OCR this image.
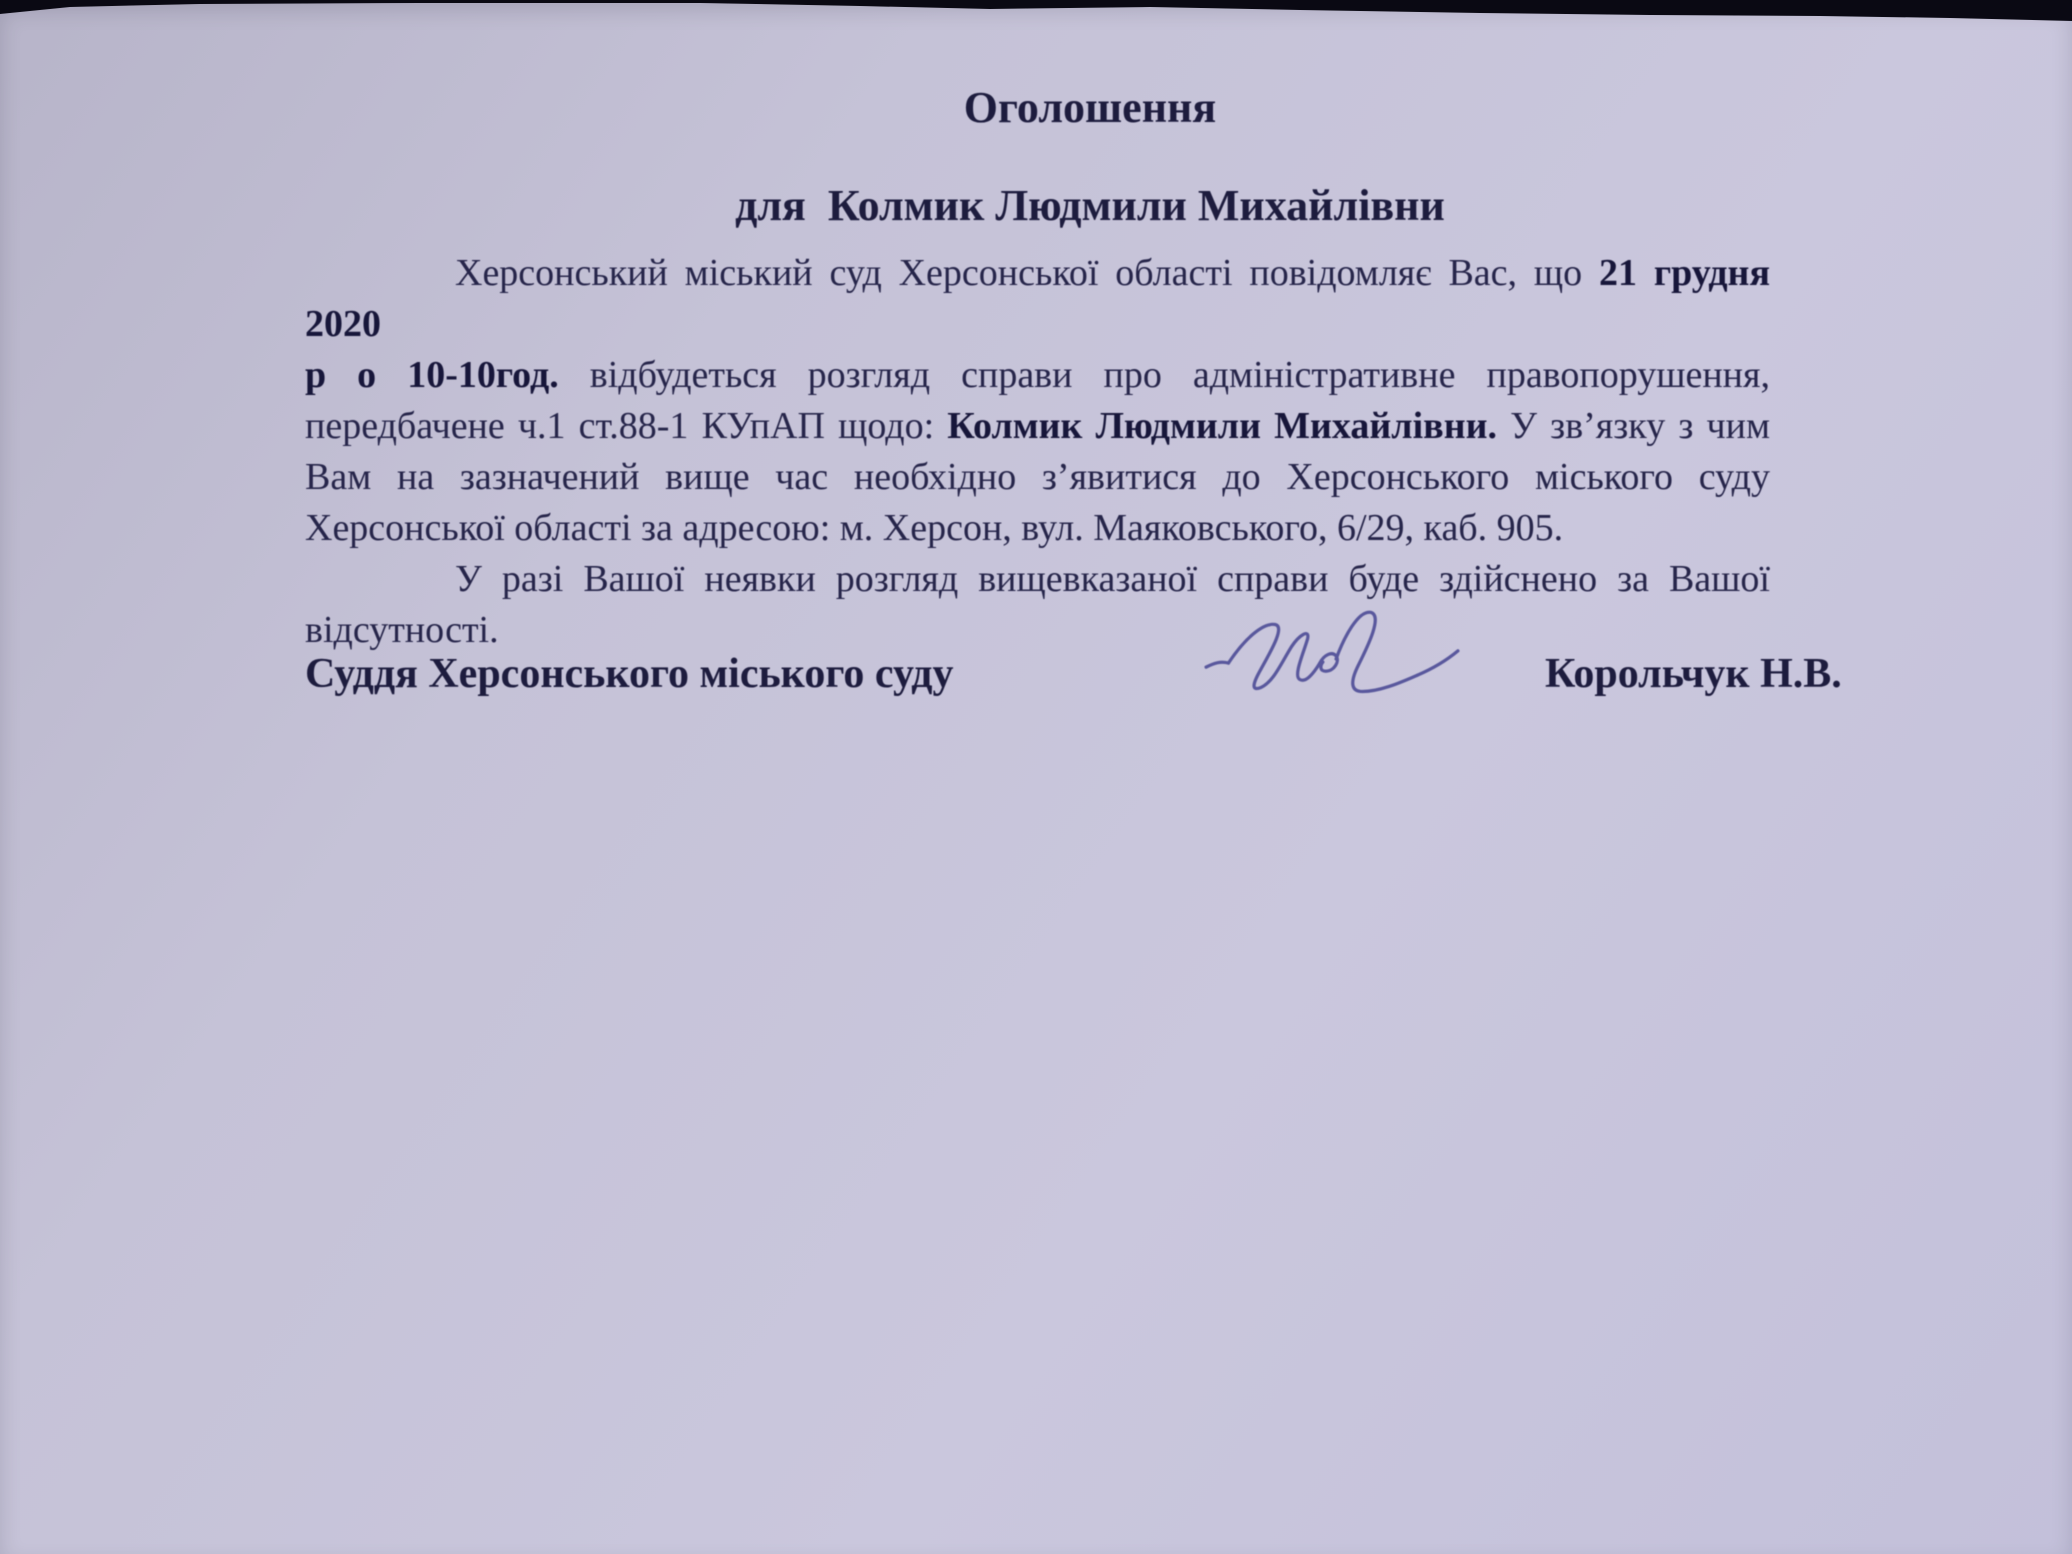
Оголошення
для  Колмик Людмили Михайлівни
Херсонський міський суд Херсонської області повідомляє Вас, що 21 грудня 2020
р о 10-10год. відбудеться розгляд справи про адміністративне правопорушення,
передбачене ч.1 ст.88-1 КУпАП щодо: Колмик Людмили Михайлівни. У зв’язку з чим
Вам на зазначений вище час необхідно з’явитися до Херсонського міського суду
Херсонської області за адресою: м. Херсон, вул. Маяковського, 6/29, каб. 905.
У разі Вашої неявки розгляд вищевказаної справи буде здійснено за Вашої
відсутності.
Суддя Херсонського міського суду	Корольчук Н.В.
